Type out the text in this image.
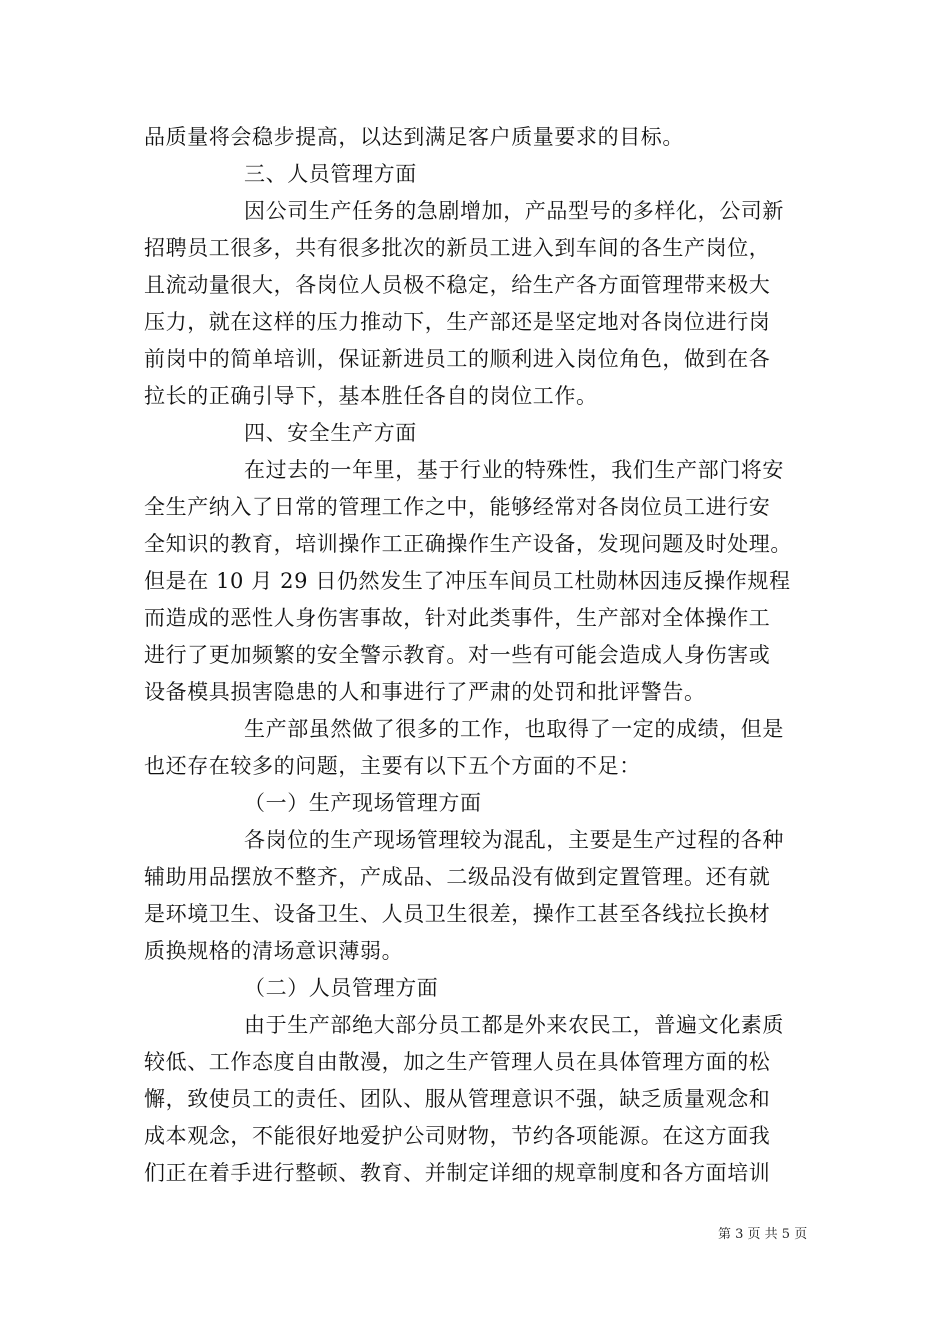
品质量将会稳步提高，以达到满足客户质量要求的目标。
三、人员管理方面
因公司生产任务的急剧增加，产品型号的多样化，公司新
招聘员工很多，共有很多批次的新员工进入到车间的各生产岗位，
且流动量很大，各岗位人员极不稳定，给生产各方面管理带来极大
压力，就在这样的压力推动下，生产部还是坚定地对各岗位进行岗
前岗中的简单培训，保证新进员工的顺利进入岗位角色，做到在各
拉长的正确引导下，基本胜任各自的岗位工作。
四、安全生产方面
在过去的一年里，基于行业的特殊性，我们生产部门将安
全生产纳入了日常的管理工作之中，能够经常对各岗位员工进行安
全知识的教育，培训操作工正确操作生产设备，发现问题及时处理。
但是在 10 月 29 日仍然发生了冲压车间员工杜勋林因违反操作规程
而造成的恶性人身伤害事故，针对此类事件，生产部对全体操作工
进行了更加频繁的安全警示教育。对一些有可能会造成人身伤害或
设备模具损害隐患的人和事进行了严肃的处罚和批评警告。
生产部虽然做了很多的工作，也取得了一定的成绩，但是
也还存在较多的问题，主要有以下五个方面的不足：
（一）生产现场管理方面
各岗位的生产现场管理较为混乱，主要是生产过程的各种
辅助用品摆放不整齐，产成品、二级品没有做到定置管理。还有就
是环境卫生、设备卫生、人员卫生很差，操作工甚至各线拉长换材
质换规格的清场意识薄弱。
（二）人员管理方面
由于生产部绝大部分员工都是外来农民工，普遍文化素质
较低、工作态度自由散漫，加之生产管理人员在具体管理方面的松
懈，致使员工的责任、团队、服从管理意识不强，缺乏质量观念和
成本观念，不能很好地爱护公司财物，节约各项能源。在这方面我
们正在着手进行整顿、教育、并制定详细的规章制度和各方面培训
第 3 页 共 5 页
